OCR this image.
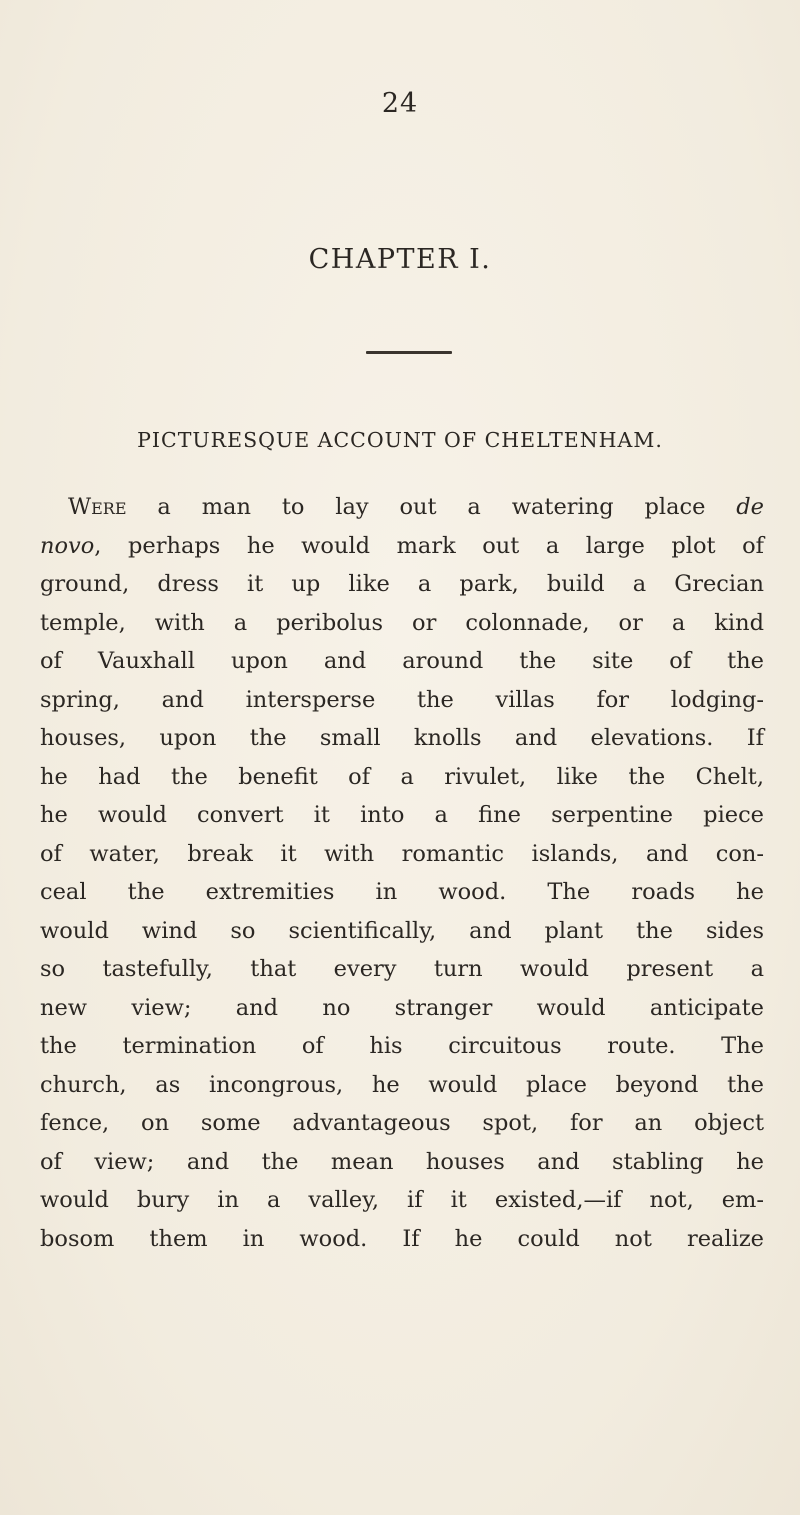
24
CHAPTER I.
PICTURESQUE ACCOUNT OF CHELTENHAM.
Were a man to lay out a watering place de
novo, perhaps he would mark out a large plot of
ground, dress it up like a park, build a Grecian
temple, with a peribolus or colonnade, or a kind
of Vauxhall upon and around the site of the
spring, and intersperse the villas for lodging-
houses, upon the small knolls and elevations. If
he had the benefit of a rivulet, like the Chelt,
he would convert it into a fine serpentine piece
of water, break it with romantic islands, and con-
ceal the extremities in wood. The roads he
would wind so scientifically, and plant the sides
so tastefully, that every turn would present a
new view; and no stranger would anticipate
the termination of his circuitous route. The
church, as incongrous, he would place beyond the
fence, on some advantageous spot, for an object
of view; and the mean houses and stabling he
would bury in a valley, if it existed,—if not, em-
bosom them in wood. If he could not realize
